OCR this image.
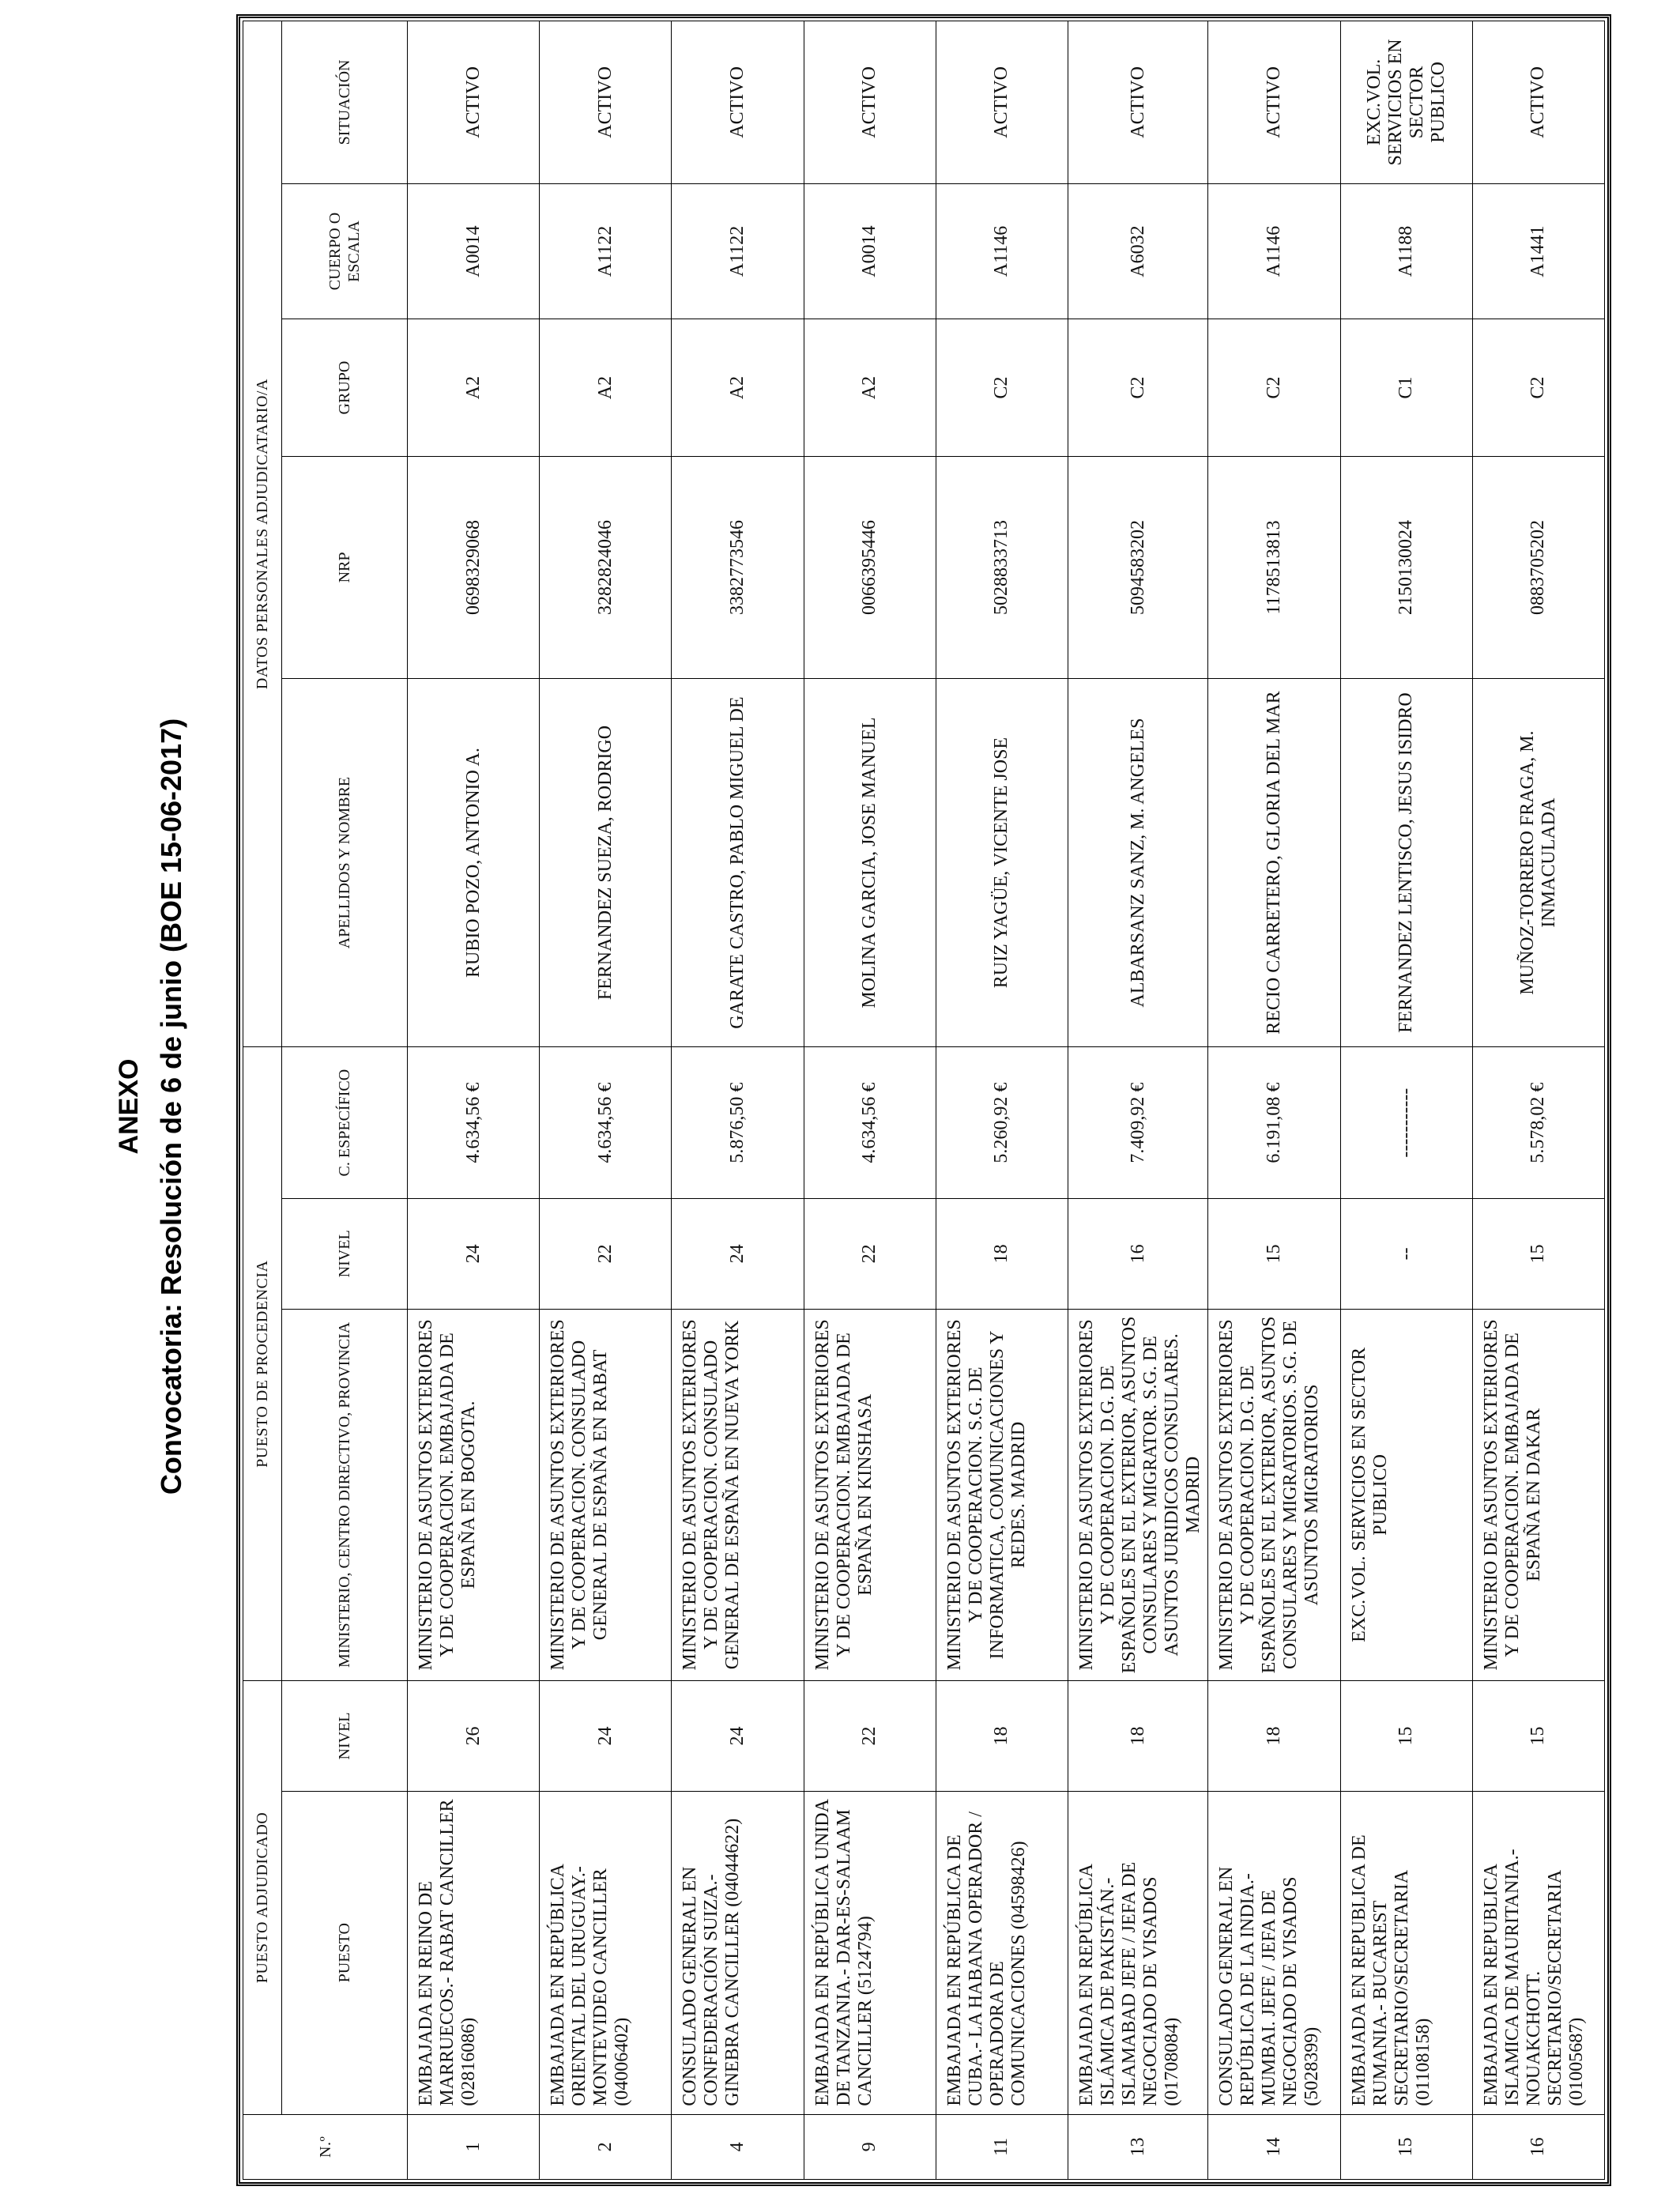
ANEXO Convocatoria: Resolución de 6 de junio (BOE 15-06-2017)
N.º	PUESTO ADJUDICADO		PUESTO DE PROCEDENCIA			DATOS PERSONALES ADJUDICATARIO/A				
	PUESTO	NIVEL	MINISTERIO, CENTRO DIRECTIVO, PROVINCIA	NIVEL	C. ESPECÍFICO	APELLIDOS Y NOMBRE	NRP	GRUPO	CUERPO O ESCALA	SITUACIÓN
1	EMBAJADA EN REINO DE MARRUECOS.- RABAT CANCILLER (02816086)	26	MINISTERIO DE ASUNTOS EXTERIORES Y DE COOPERACION. EMBAJADA DE ESPAÑA EN BOGOTA.	24	4.634,56 €	RUBIO POZO, ANTONIO A.	0698329068	A2	A0014	ACTIVO
2	EMBAJADA EN REPÚBLICA ORIENTAL DEL URUGUAY.- MONTEVIDEO CANCILLER (04006402)	24	MINISTERIO DE ASUNTOS EXTERIORES Y DE COOPERACION. CONSULADO GENERAL DE ESPAÑA EN RABAT	22	4.634,56 €	FERNANDEZ SUEZA, RODRIGO	3282824046	A2	A1122	ACTIVO
4	CONSULADO GENERAL EN CONFEDERACIÓN SUIZA.- GINEBRA CANCILLER (04044622)	24	MINISTERIO DE ASUNTOS EXTERIORES Y DE COOPERACION. CONSULADO GENERAL DE ESPAÑA EN NUEVA YORK	24	5.876,50 €	GARATE CASTRO, PABLO MIGUEL DE	3382773546	A2	A1122	ACTIVO
9	EMBAJADA EN REPÚBLICA UNIDA DE TANZANIA.- DAR-ES-SALAAM CANCILLER (5124794)	22	MINISTERIO DE ASUNTOS EXTERIORES Y DE COOPERACION. EMBAJADA DE ESPAÑA EN KINSHASA	22	4.634,56 €	MOLINA GARCIA, JOSE MANUEL	0066395446	A2	A0014	ACTIVO
11	EMBAJADA EN REPÚBLICA DE CUBA.- LA HABANA OPERADOR / OPERADORA DE COMUNICACIONES (04598426)	18	MINISTERIO DE ASUNTOS EXTERIORES Y DE COOPERACION. S.G. DE INFORMATICA, COMUNICACIONES Y REDES. MADRID	18	5.260,92 €	RUIZ YAGÜE, VICENTE JOSE	5028833713	C2	A1146	ACTIVO
13	EMBAJADA EN REPÚBLICA ISLÁMICA DE PAKISTÁN.- ISLAMABAD JEFE / JEFA DE NEGOCIADO DE VISADOS (01708084)	18	MINISTERIO DE ASUNTOS EXTERIORES Y DE COOPERACION. D.G. DE ESPAÑOLES EN EL EXTERIOR, ASUNTOS CONSULARES Y MIGRATOR. S.G. DE ASUNTOS JURIDICOS CONSULARES. MADRID	16	7.409,92 €	ALBARSANZ SANZ, M. ANGELES	5094583202	C2	A6032	ACTIVO
14	CONSULADO GENERAL EN REPÚBLICA DE LA INDIA.- MUMBAI. JEFE / JEFA DE NEGOCIADO DE VISADOS (5028399)	18	MINISTERIO DE ASUNTOS EXTERIORES Y DE COOPERACION. D.G. DE ESPAÑOLES EN EL EXTERIOR, ASUNTOS CONSULARES Y MIGRATORIOS. S.G. DE ASUNTOS MIGRATORIOS	15	6.191,08 €	RECIO CARRETERO, GLORIA DEL MAR	1178513813	C2	A1146	ACTIVO
15	EMBAJADA EN REPUBLICA DE RUMANIA.- BUCAREST SECRETARIO/SECRETARIA (01108158)	15	EXC.VOL. SERVICIOS EN SECTOR PUBLICO	--	-----------	FERNANDEZ LENTISCO, JESUS ISIDRO	2150130024	C1	A1188	EXC.VOL. SERVICIOS EN SECTOR PUBLICO
16	EMBAJADA EN REPUBLICA ISLAMICA DE MAURITANIA.- NOUAKCHOTT. SECRETARIO/SECRETARIA (01005687)	15	MINISTERIO DE ASUNTOS EXTERIORES Y DE COOPERACION. EMBAJADA DE ESPAÑA EN DAKAR	15	5.578,02 €	MUÑOZ-TORRERO FRAGA, M. INMACULADA	0883705202	C2	A1441	ACTIVO
